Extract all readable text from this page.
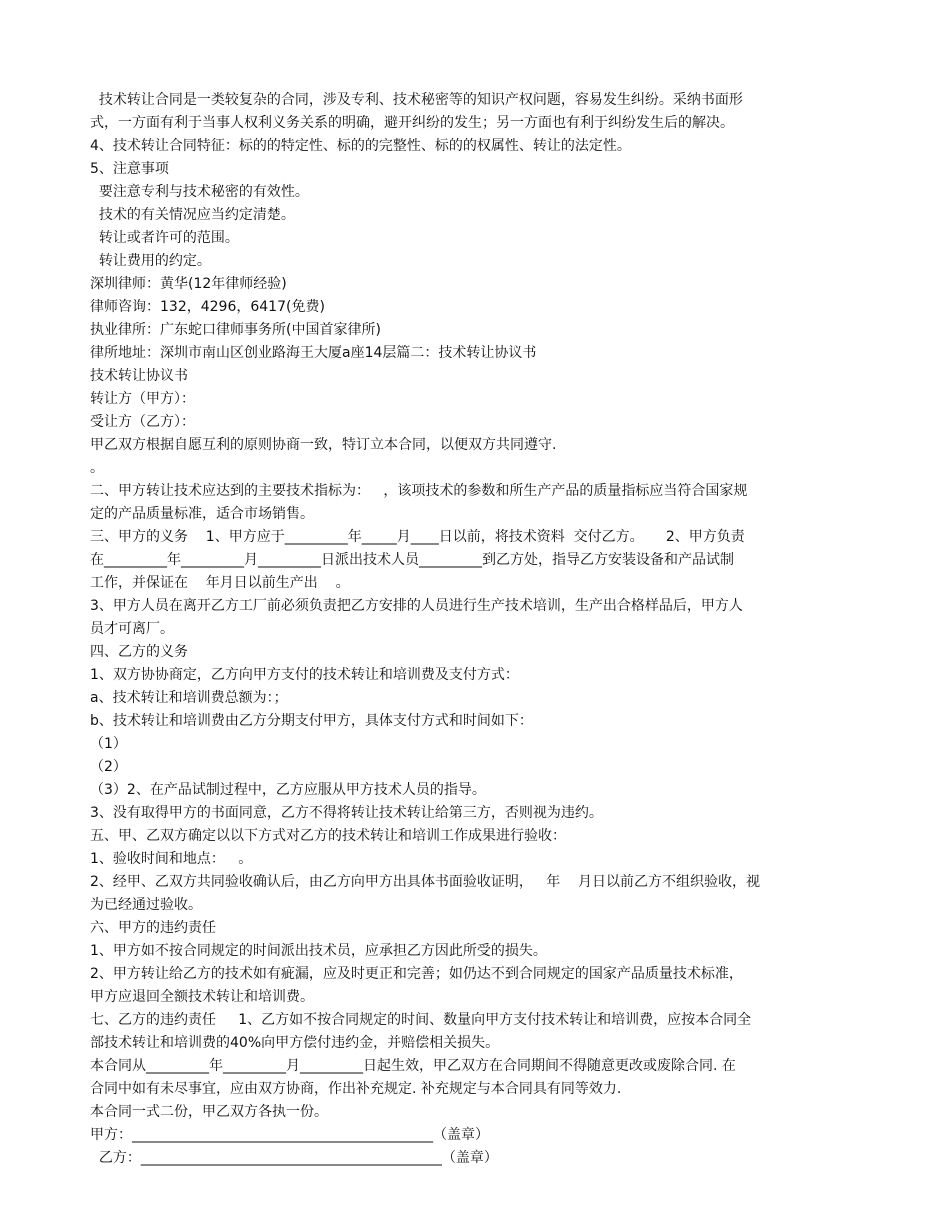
技术转让合同是一类较复杂的合同，涉及专利、技术秘密等的知识产权问题，容易发生纠纷。采纳书面形
式，一方面有利于当事人权利义务关系的明确，避开纠纷的发生；另一方面也有利于纠纷发生后的解决。
4、技术转让合同特征：标的的特定性、标的的完整性、标的的权属性、转让的法定性。
5、注意事项
要注意专利与技术秘密的有效性。
技术的有关情况应当约定清楚。
转让或者许可的范围。
转让费用的约定。
深圳律师：黄华(12年律师经验)
律师咨询：132，4296，6417(免费)
执业律所：广东蛇口律师事务所(中国首家律所)
律所地址：深圳市南山区创业路海王大厦a座14层篇二：技术转让协议书
技术转让协议书
转让方（甲方）：
受让方（乙方）：
甲乙双方根据自愿互利的原则协商一致，特订立本合同，以便双方共同遵守.
。
二、甲方转让技术应达到的主要技术指标为：   ，该项技术的参数和所生产产品的质量指标应当符合国家规
定的产品质量标准，适合市场销售。
三、甲方的义务    1、甲方应于_________年_____月____日以前，将技术资料  交付乙方。     2、甲方负责
在_________年_________月_________日派出技术人员_________到乙方处，指导乙方安装设备和产品试制
工作，并保证在    年月日以前生产出    。
3、甲方人员在离开乙方工厂前必须负责把乙方安排的人员进行生产技术培训，生产出合格样品后，甲方人
员才可离厂。
四、乙方的义务
1、双方协协商定，乙方向甲方支付的技术转让和培训费及支付方式：
a、技术转让和培训费总额为：；
b、技术转让和培训费由乙方分期支付甲方，具体支付方式和时间如下：
（1）
（2）
（3）2、在产品试制过程中，乙方应服从甲方技术人员的指导。
3、没有取得甲方的书面同意，乙方不得将转让技术转让给第三方，否则视为违约。
五、甲、乙双方确定以以下方式对乙方的技术转让和培训工作成果进行验收：
1、验收时间和地点：   。
2、经甲、乙双方共同验收确认后，由乙方向甲方出具体书面验收证明，   年    月日以前乙方不组织验收，视
为已经通过验收。
六、甲方的违约责任
1、甲方如不按合同规定的时间派出技术员，应承担乙方因此所受的损失。
2、甲方转让给乙方的技术如有疵漏，应及时更正和完善；如仍达不到合同规定的国家产品质量技术标准，
甲方应退回全额技术转让和培训费。
七、乙方的违约责任     1、乙方如不按合同规定的时间、数量向甲方支付技术转让和培训费，应按本合同全
部技术转让和培训费的40%向甲方偿付违约金，并赔偿相关损失。
本合同从_________年_________月_________日起生效，甲乙双方在合同期间不得随意更改或废除合同. 在
合同中如有未尽事宜，应由双方协商，作出补充规定. 补充规定与本合同具有同等效力.
本合同一式二份，甲乙双方各执一份。
甲方：___________________________________________（盖章）
乙方：___________________________________________（盖章）
